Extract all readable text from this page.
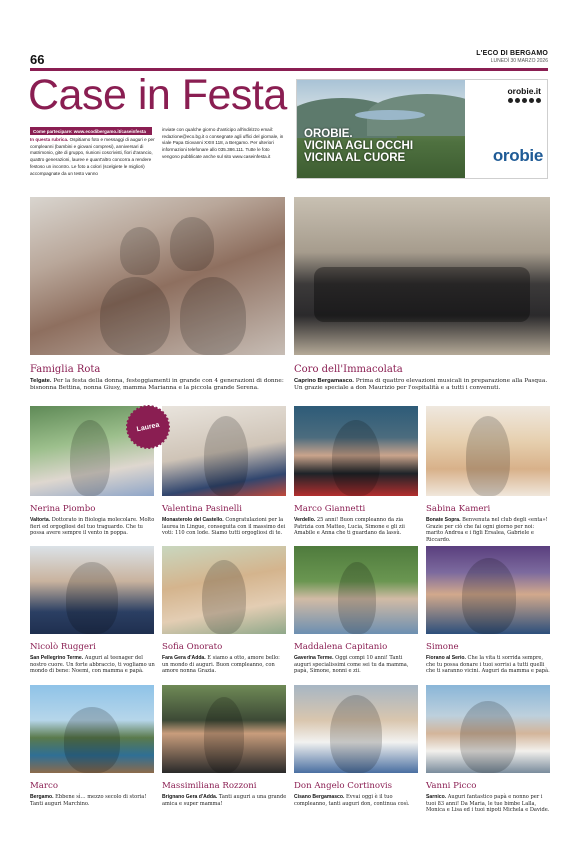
66	L'ECO DI BERGAMO
LUNEDÌ 30 MARZO 2026
Case in Festa
Come partecipare: www.ecodibergamo.it/caseinfesta
In questa rubrica. Ospitiamo foto e messaggi di auguri e per compleanni (bambini e giovani compresi), anniversari di matrimonio, gite di gruppo, riunioni coscrivisti, fiori d'arancio, quattro generazioni, lauree e quant'altro concorra a rendere festoso un incontro. Le foto a colori (scelgiete le migliori) accompagnate da un testo vanno
inviate con qualche giorno d'anticipo all'indirizzo email: redazione@eco.bg.it o consegnate agli uffici del giornale, in viale Papa Giovanni XXIII 118, a Bergamo. Per ulteriori informazioni telefonare allo 035.386.111. Tutte le foto vengono pubblicate anche sul sito www.caseinfesta.it
OROBIE.
VICINA AGLI OCCHI
VICINA AL CUORE
orobie.it
orobie
Famiglia Rota
Telgate. Per la festa della donna, festeggiamenti in grande con 4 generazioni di donne: bisnonna Bettina, nonna Giusy, mamma Marianna e la piccola grande Serena.
Coro dell'Immacolata
Caprino Bergamasco. Prima di quattro elevazioni musicali in preparazione alla Pasqua. Un grazie speciale a don Maurizio per l'ospitalità e a tutti i convenuti.
Laurea
Nerina Piombo
Valtorta. Dottorato in Biologia molecolare. Molto fieri ed orgogliosi del tuo traguardo. Che tu possa avere sempre il vento in poppa.
Valentina Pasinelli
Monasterolo del Castello. Congratulazioni per la laurea in Lingue, conseguita con il massimo dei voti: 110 con lode. Siamo tutti orgogliosi di te.
Marco Giannetti
Verdello. 25 anni! Buon compleanno da zia Patrizia con Matteo, Lucia, Simone e gli zii Amabile e Anna che ti guardano da lassù.
Sabina Kameri
Bonate Sopra. Benvenuta nel club degli «enta»! Grazie per ciò che fai ogni giorno per noi: marito Andrea e i figli Ersalea, Gabriele e Riccardo.
Nicolò Ruggeri
San Pellegrino Terme. Auguri al teenager del nostro cuore. Un forte abbraccio, ti vogliamo un mondo di bene: Noemi, con mamma e papà.
Sofia Onorato
Fara Gera d'Adda. E siamo a otto, amore bello: un mondo di auguri. Buon compleanno, con amore nonna Grazia.
Maddalena Capitanio
Gaverina Terme. Oggi compi 10 anni! Tanti auguri specialissimi come sei tu da mamma, papà, Simone, nonni e zii.
Simone
Fiorano al Serio. Che la vita ti sorrida sempre, che tu possa donare i tuoi sorrisi a tutti quelli che ti saranno vicini. Auguri da mamma e papà.
Marco
Bergamo. Ebbene sì… mezzo secolo di storia! Tanti auguri Marchino.
Massimiliana Rozzoni
Brignano Gera d'Adda. Tanti auguri a una grande amica e super mamma!
Don Angelo Cortinovis
Cisano Bergamasco. Evvai oggi è il tuo compleanno, tanti auguri don, continua così.
Vanni Picco
Sarnico. Auguri fantastico papà e nonno per i tuoi 83 anni! Da Maria, le tue bimbe Lalla, Monica e Lisa ed i tuoi nipoti Michela e Davide.
